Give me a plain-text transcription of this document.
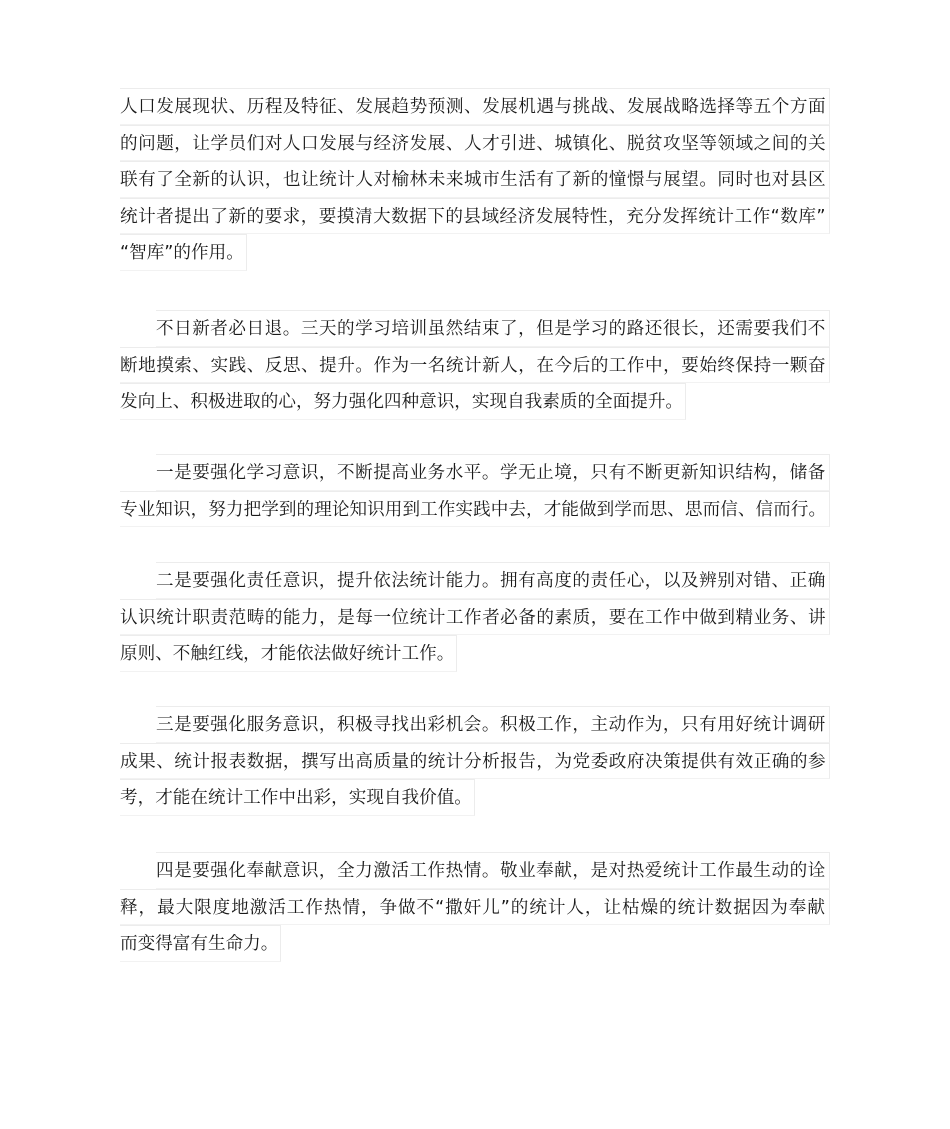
人口发展现状、历程及特征、发展趋势预测、发展机遇与挑战、发展战略选择等五个方面
的问题，让学员们对人口发展与经济发展、人才引进、城镇化、脱贫攻坚等领域之间的关
联有了全新的认识，也让统计人对榆林未来城市生活有了新的憧憬与展望。同时也对县区
统计者提出了新的要求，要摸清大数据下的县域经济发展特性，充分发挥统计工作“数库”
“智库”的作用。
不日新者必日退。三天的学习培训虽然结束了，但是学习的路还很长，还需要我们不
断地摸索、实践、反思、提升。作为一名统计新人，在今后的工作中，要始终保持一颗奋
发向上、积极进取的心，努力强化四种意识，实现自我素质的全面提升。
一是要强化学习意识，不断提高业务水平。学无止境，只有不断更新知识结构，储备
专业知识，努力把学到的理论知识用到工作实践中去，才能做到学而思、思而信、信而行。
二是要强化责任意识，提升依法统计能力。拥有高度的责任心，以及辨别对错、正确
认识统计职责范畴的能力，是每一位统计工作者必备的素质，要在工作中做到精业务、讲
原则、不触红线，才能依法做好统计工作。
三是要强化服务意识，积极寻找出彩机会。积极工作，主动作为，只有用好统计调研
成果、统计报表数据，撰写出高质量的统计分析报告，为党委政府决策提供有效正确的参
考，才能在统计工作中出彩，实现自我价值。
四是要强化奉献意识，全力激活工作热情。敬业奉献，是对热爱统计工作最生动的诠
释，最大限度地激活工作热情，争做不“撒奸儿”的统计人，让枯燥的统计数据因为奉献
而变得富有生命力。
